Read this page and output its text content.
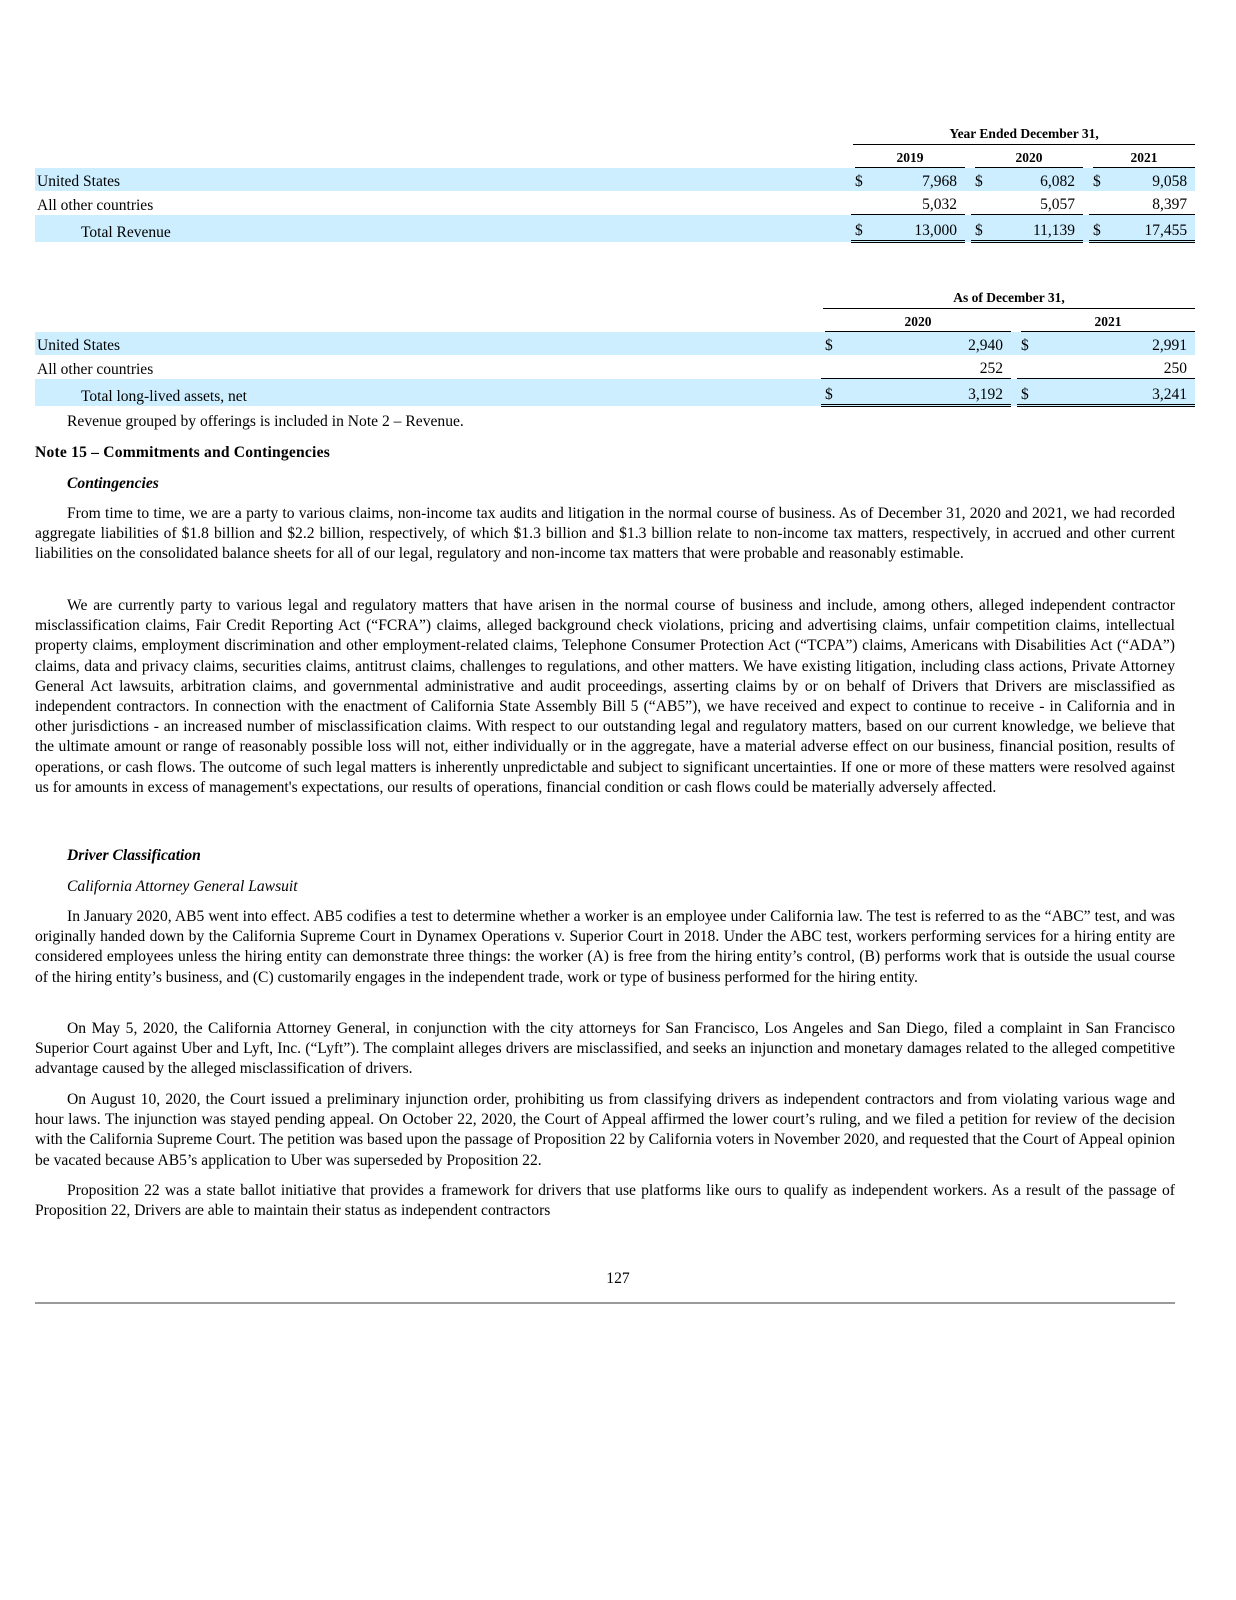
		Year Ended December 31,							

		2019			2020			2021	

United States		$	7,968		$	6,082		$	9,058
All other countries			5,032			5,057			8,397
Total Revenue		$	13,000		$	11,139		$	17,455

		As of December 31,				

		2020			2021	

United States		$	2,940		$	2,991
All other countries			252			250
Total long-lived assets, net		$	3,192		$	3,241
Revenue grouped by offerings is included in Note 2 – Revenue.
Note 15 – Commitments and Contingencies
Contingencies

From time to time, we are a party to various claims, non-income tax audits and litigation in the normal course of business. As of December 31, 2020 and 2021, we had recorded aggregate liabilities of $1.8 billion and $2.2 billion, respectively, of which $1.3 billion and $1.3 billion relate to non-income tax matters, respectively, in accrued and other current liabilities on the consolidated balance sheets for all of our legal, regulatory and non-income tax matters that were probable and reasonably estimable.

We are currently party to various legal and regulatory matters that have arisen in the normal course of business and include, among others, alleged independent contractor misclassification claims, Fair Credit Reporting Act (“FCRA”) claims, alleged background check violations, pricing and advertising claims, unfair competition claims, intellectual property claims, employment discrimination and other employment-related claims, Telephone Consumer Protection Act (“TCPA”) claims, Americans with Disabilities Act (“ADA”) claims, data and privacy claims, securities claims, antitrust claims, challenges to regulations, and other matters. We have existing litigation, including class actions, Private Attorney General Act lawsuits, arbitration claims, and governmental administrative and audit proceedings, asserting claims by or on behalf of Drivers that Drivers are misclassified as independent contractors. In connection with the enactment of California State Assembly Bill 5 (“AB5”), we have received and expect to continue to receive - in California and in other jurisdictions - an increased number of misclassification claims. With respect to our outstanding legal and regulatory matters, based on our current knowledge, we believe that the ultimate amount or range of reasonably possible loss will not, either individually or in the aggregate, have a material adverse effect on our business, financial position, results of operations, or cash flows. The outcome of such legal matters is inherently unpredictable and subject to significant uncertainties. If one or more of these matters were resolved against us for amounts in excess of management's expectations, our results of operations, financial condition or cash flows could be materially adversely affected.

Driver Classification
California Attorney General Lawsuit

In January 2020, AB5 went into effect. AB5 codifies a test to determine whether a worker is an employee under California law. The test is referred to as the “ABC” test, and was originally handed down by the California Supreme Court in Dynamex Operations v. Superior Court in 2018. Under the ABC test, workers performing services for a hiring entity are considered employees unless the hiring entity can demonstrate three things: the worker (A) is free from the hiring entity’s control, (B) performs work that is outside the usual course of the hiring entity’s business, and (C) customarily engages in the independent trade, work or type of business performed for the hiring entity.

On May 5, 2020, the California Attorney General, in conjunction with the city attorneys for San Francisco, Los Angeles and San Diego, filed a complaint in San Francisco Superior Court against Uber and Lyft, Inc. (“Lyft”). The complaint alleges drivers are misclassified, and seeks an injunction and monetary damages related to the alleged competitive advantage caused by the alleged misclassification of drivers.

On August 10, 2020, the Court issued a preliminary injunction order, prohibiting us from classifying drivers as independent contractors and from violating various wage and hour laws. The injunction was stayed pending appeal. On October 22, 2020, the Court of Appeal affirmed the lower court’s ruling, and we filed a petition for review of the decision with the California Supreme Court. The petition was based upon the passage of Proposition 22 by California voters in November 2020, and requested that the Court of Appeal opinion be vacated because AB5’s application to Uber was superseded by Proposition 22.

Proposition 22 was a state ballot initiative that provides a framework for drivers that use platforms like ours to qualify as independent workers. As a result of the passage of Proposition 22, Drivers are able to maintain their status as independent contractors

127
